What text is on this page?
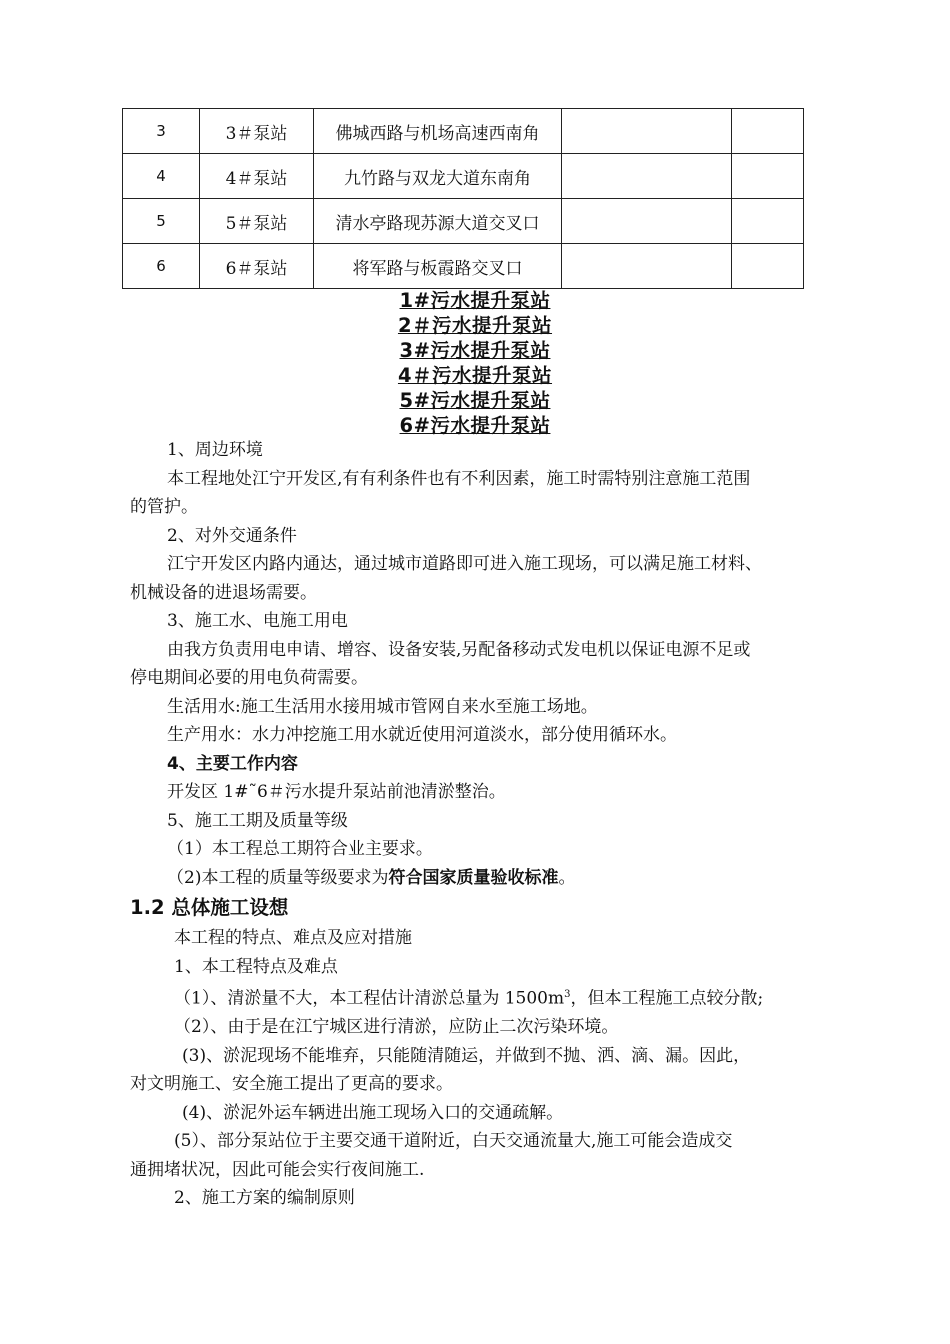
3	3＃泵站	佛城西路与机场高速西南角		
4	4＃泵站	九竹路与双龙大道东南角		
5	5＃泵站	清水亭路现苏源大道交叉口		
6	6＃泵站	将军路与板霞路交叉口		
1#污水提升泵站
2＃污水提升泵站
3#污水提升泵站
4＃污水提升泵站
5#污水提升泵站
6#污水提升泵站

1、周边环境

本工程地处江宁开发区,有有利条件也有不利因素，施工时需特别注意施工范围

的管护。

2、对外交通条件

江宁开发区内路内通达，通过城市道路即可进入施工现场，可以满足施工材料、

机械设备的进退场需要。

3、施工水、电施工用电

由我方负责用电申请、增容、设备安装,另配备移动式发电机以保证电源不足或

停电期间必要的用电负荷需要。

生活用水:施工生活用水接用城市管网自来水至施工场地。

生产用水：水力冲挖施工用水就近使用河道淡水，部分使用循环水。

4、主要工作内容

开发区 1#˜6＃污水提升泵站前池清淤整治。

5、施工工期及质量等级

（1）本工程总工期符合业主要求。

（2)本工程的质量等级要求为符合国家质量验收标准。

1.2 总体施工设想

本工程的特点、难点及应对措施

1、本工程特点及难点

（1）、清淤量不大，本工程估计清淤总量为 $1500m^3$，但本工程施工点较分散;

（2）、由于是在江宁城区进行清淤，应防止二次污染环境。

(3)、淤泥现场不能堆弃，只能随清随运，并做到不抛、洒、滴、漏。因此，

对文明施工、安全施工提出了更高的要求。

(4)、淤泥外运车辆进出施工现场入口的交通疏解。

(5）、部分泵站位于主要交通干道附近，白天交通流量大,施工可能会造成交

通拥堵状况，因此可能会实行夜间施工.

2、施工方案的编制原则
